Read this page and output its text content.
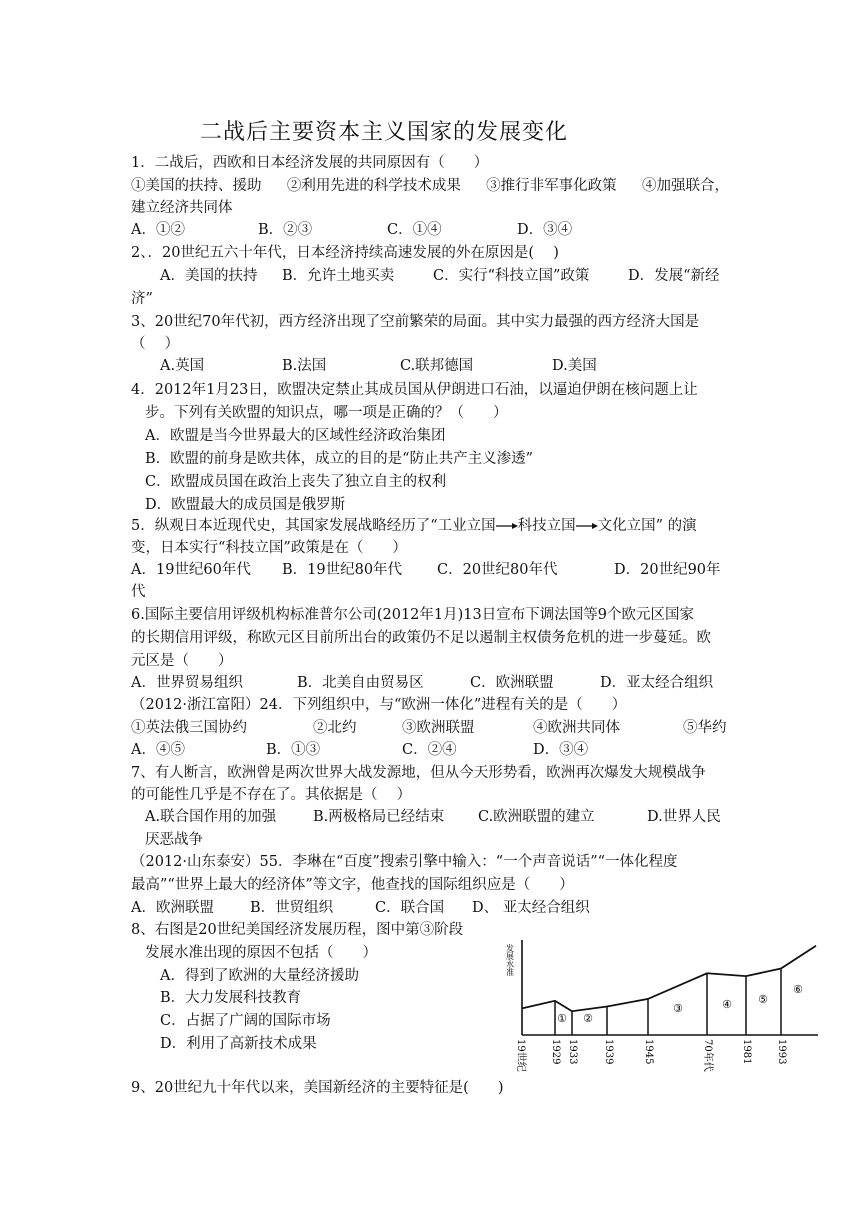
二战后主要资本主义国家的发展变化
1．二战后，西欧和日本经济发展的共同原因有（　　）
①美国的扶持、援助 ②利用先进的科学技术成果 ③推行非军事化政策 ④加强联合，
建立经济共同体
A．①②	B．②③	C．①④	D．③④
2、．20世纪五六十年代，日本经济持续高速发展的外在原因是(　 )
A．美国的扶持 B．允许土地买卖	C．实行“科技立国”政策	D．发展“新经
济”
3、20世纪70年代初，西方经济出现了空前繁荣的局面。其中实力最强的西方经济大国是
（　 ）
A.英国	B.法国	C.联邦德国	D.美国
4．2012年1月23日，欧盟决定禁止其成员国从伊朗进口石油，以逼迫伊朗在核问题上让
步。下列有关欧盟的知识点，哪一项是正确的？（　　）
A．欧盟是当今世界最大的区域性经济政治集团
B．欧盟的前身是欧共体，成立的目的是“防止共产主义渗透”
C．欧盟成员国在政治上丧失了独立自主的权利
D．欧盟最大的成员国是俄罗斯
5．纵观日本近现代史，其国家发展战略经历了“工业立国 科技立国 文化立国” 的演
变，日本实行“科技立国”政策是在（　　）
A．19世纪60年代 B．19世纪80年代 C．20世纪80年代	D．20世纪90年
代
6.国际主要信用评级机构标准普尔公司(2012年1月)13日宣布下调法国等9个欧元区国家
的长期信用评级，称欧元区目前所出台的政策仍不足以遏制主权债务危机的进一步蔓延。欧
元区是（　　）
A．世界贸易组织	B．北美自由贸易区	C．欧洲联盟	D．亚太经合组织
（2012·浙江富阳）24．下列组织中，与“欧洲一体化”进程有关的是（　　）
①英法俄三国协约	②北约	③欧洲联盟	④欧洲共同体	⑤华约
A．④⑤	B．①③	C．②④	D．③④
7、有人断言，欧洲曾是两次世界大战发源地，但从今天形势看，欧洲再次爆发大规模战争
的可能性几乎是不存在了。其依据是（　 ）
A.联合国作用的加强	B.两极格局已经结束 C.欧洲联盟的建立	D.世界人民
厌恶战争
（2012·山东泰安）55．李琳在“百度”搜索引擎中输入：“一个声音说话”“一体化程度
最高”“世界上最大的经济体”等文字，他查找的国际组织应是（　　）
A．欧洲联盟 B．世贸组织	C．联合国 D、 亚太经合组织
8、右图是20世纪美国经济发展历程，图中第③阶段
发展水准出现的原因不包括（　　）
A．得到了欧洲的大量经济援助
B．大力发展科技教育
C．占据了广阔的国际市场
D．利用了高新技术成果
发展水准
① ②
③	④ ⑤
⑥
19世纪 1929 1933	1939	1945	70年代	1981 1993
9、20世纪九十年代以来，美国新经济的主要特征是(　　)
